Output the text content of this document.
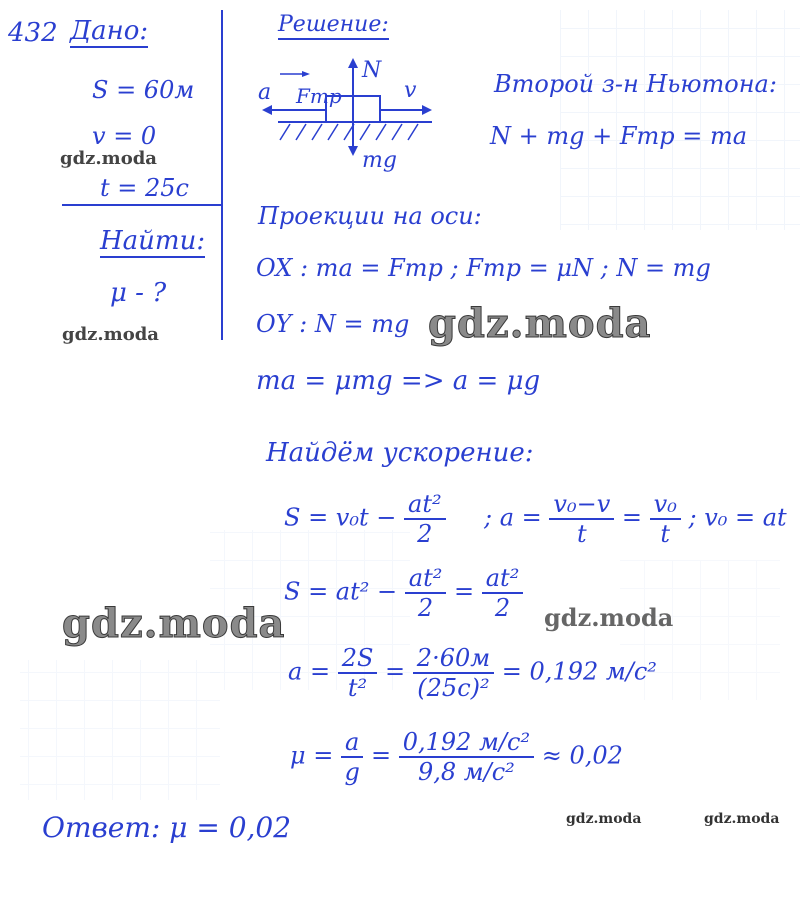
432 Дано:
S = 60м
v = 0
t = 25с
Найти:
μ - ?
Решение:
N
Fтр
a	v
mg
Второй з-н Ньютона:
N + mg + Fтр = ma
Проекции на оси:
OX : ma = Fтр ; Fтр = μN ; N = mg
OY : N = mg
ma = μmg => a = μg
Найдём ускорение:
$S = v_0t - \frac{\text{at²}}{2}$ ; $a = \frac{\text{v₀−v}}{t} = \frac{\text{v₀}}{t}$ ; v₀ = at
$S = at^2 - \frac{\text{at²}}{2} = \frac{\text{at²}}{2}$
$a = \frac{2S}{\text{t²}} = \frac{2\cdot 60м}{\text{(25с)²}} = 0,192$ м/с²
$\mu = \frac{a}{g} = \frac{\text{0,192 м/с²}}{\text{9,8 м/с²}} \approx 0,02$
Ответ: μ = 0,02
gdz.moda
gdz.moda	gdz.moda
gdz.moda	gdz.moda
gdz.moda	gdz.moda
